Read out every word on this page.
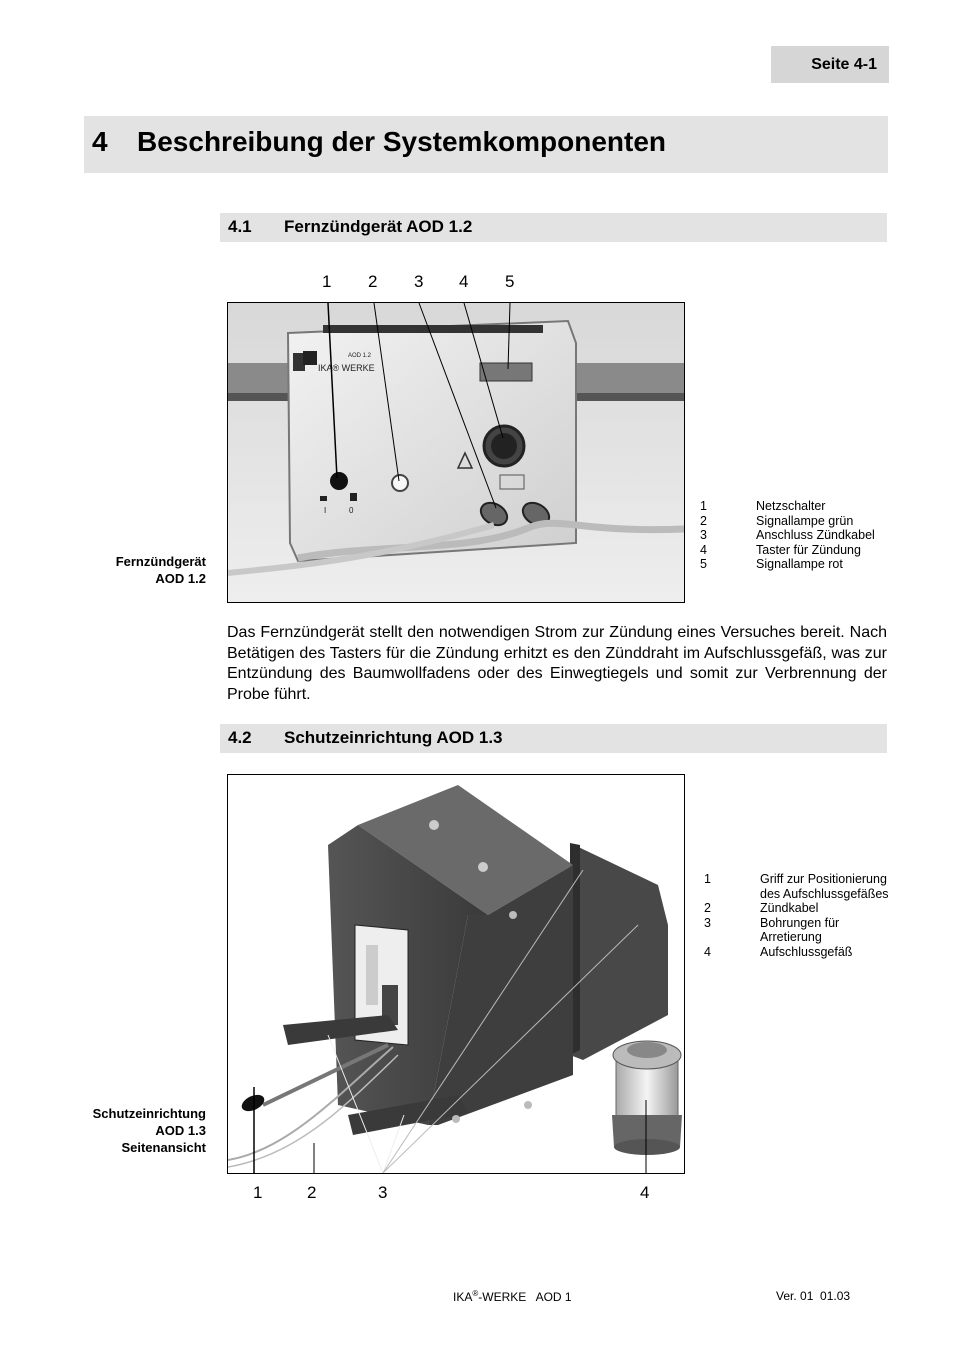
Seite 4-1
4 Beschreibung der Systemkomponenten
4.1 Fernzündgerät AOD 1.2
1 2 3 4 5
I	0
IKA® WERKE
AOD 1.2
Fernzündgerät
AOD 1.2
1	Netzschalter
2	Signallampe grün
3	Anschluss Zündkabel
4	Taster für Zündung
5	Signallampe rot

Das Fernzündgerät stellt den notwendigen Strom zur Zündung eines Versuches bereit. Nach Betätigen des Tasters für die Zündung erhitzt es den Zünddraht im Aufschlussgefäß, was zur Entzündung des Baumwollfadens oder des Einwegtiegels und somit zur Verbrennung der Probe führt.

4.2 Schutzeinrichtung AOD 1.3
1	2	3	4
Schutzeinrichtung
AOD 1.3
Seitenansicht
1	Griff zur Positionierung
des Aufschlussgefäßes
2	Zündkabel
3	Bohrungen für
Arretierung
4	Aufschlussgefäß
IKA®-WERKE   AOD 1	Ver. 01  01.03
